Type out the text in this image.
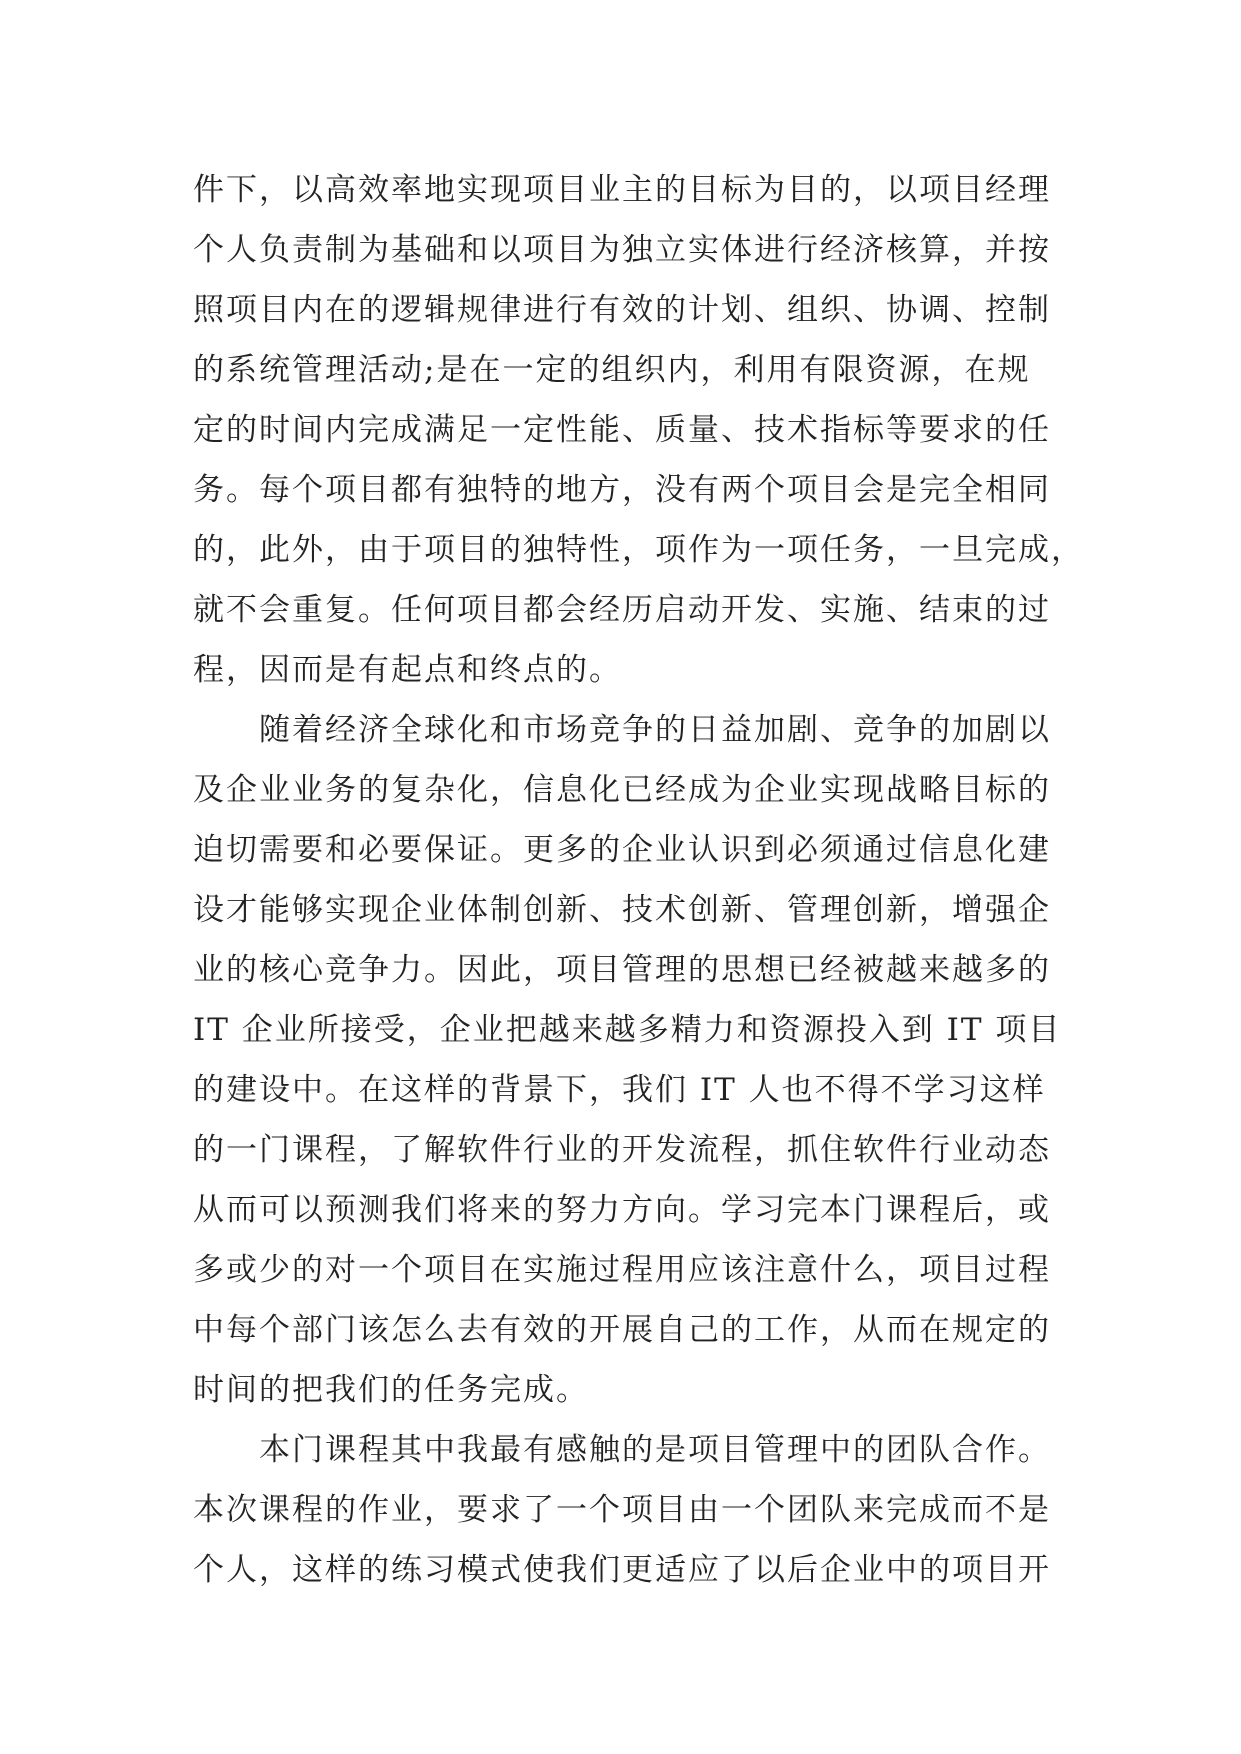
件下，以高效率地实现项目业主的目标为目的，以项目经理
个人负责制为基础和以项目为独立实体进行经济核算，并按
照项目内在的逻辑规律进行有效的计划、组织、协调、控制
的系统管理活动;是在一定的组织内，利用有限资源，在规
定的时间内完成满足一定性能、质量、技术指标等要求的任
务。每个项目都有独特的地方，没有两个项目会是完全相同
的，此外，由于项目的独特性，项作为一项任务，一旦完成，
就不会重复。任何项目都会经历启动开发、实施、结束的过
程，因而是有起点和终点的。
　　随着经济全球化和市场竞争的日益加剧、竞争的加剧以
及企业业务的复杂化，信息化已经成为企业实现战略目标的
迫切需要和必要保证。更多的企业认识到必须通过信息化建
设才能够实现企业体制创新、技术创新、管理创新，增强企
业的核心竞争力。因此，项目管理的思想已经被越来越多的
IT 企业所接受，企业把越来越多精力和资源投入到 IT 项目
的建设中。在这样的背景下，我们 IT 人也不得不学习这样
的一门课程，了解软件行业的开发流程，抓住软件行业动态
从而可以预测我们将来的努力方向。学习完本门课程后，或
多或少的对一个项目在实施过程用应该注意什么，项目过程
中每个部门该怎么去有效的开展自己的工作，从而在规定的
时间的把我们的任务完成。
　　本门课程其中我最有感触的是项目管理中的团队合作。
本次课程的作业，要求了一个项目由一个团队来完成而不是
个人，这样的练习模式使我们更适应了以后企业中的项目开
